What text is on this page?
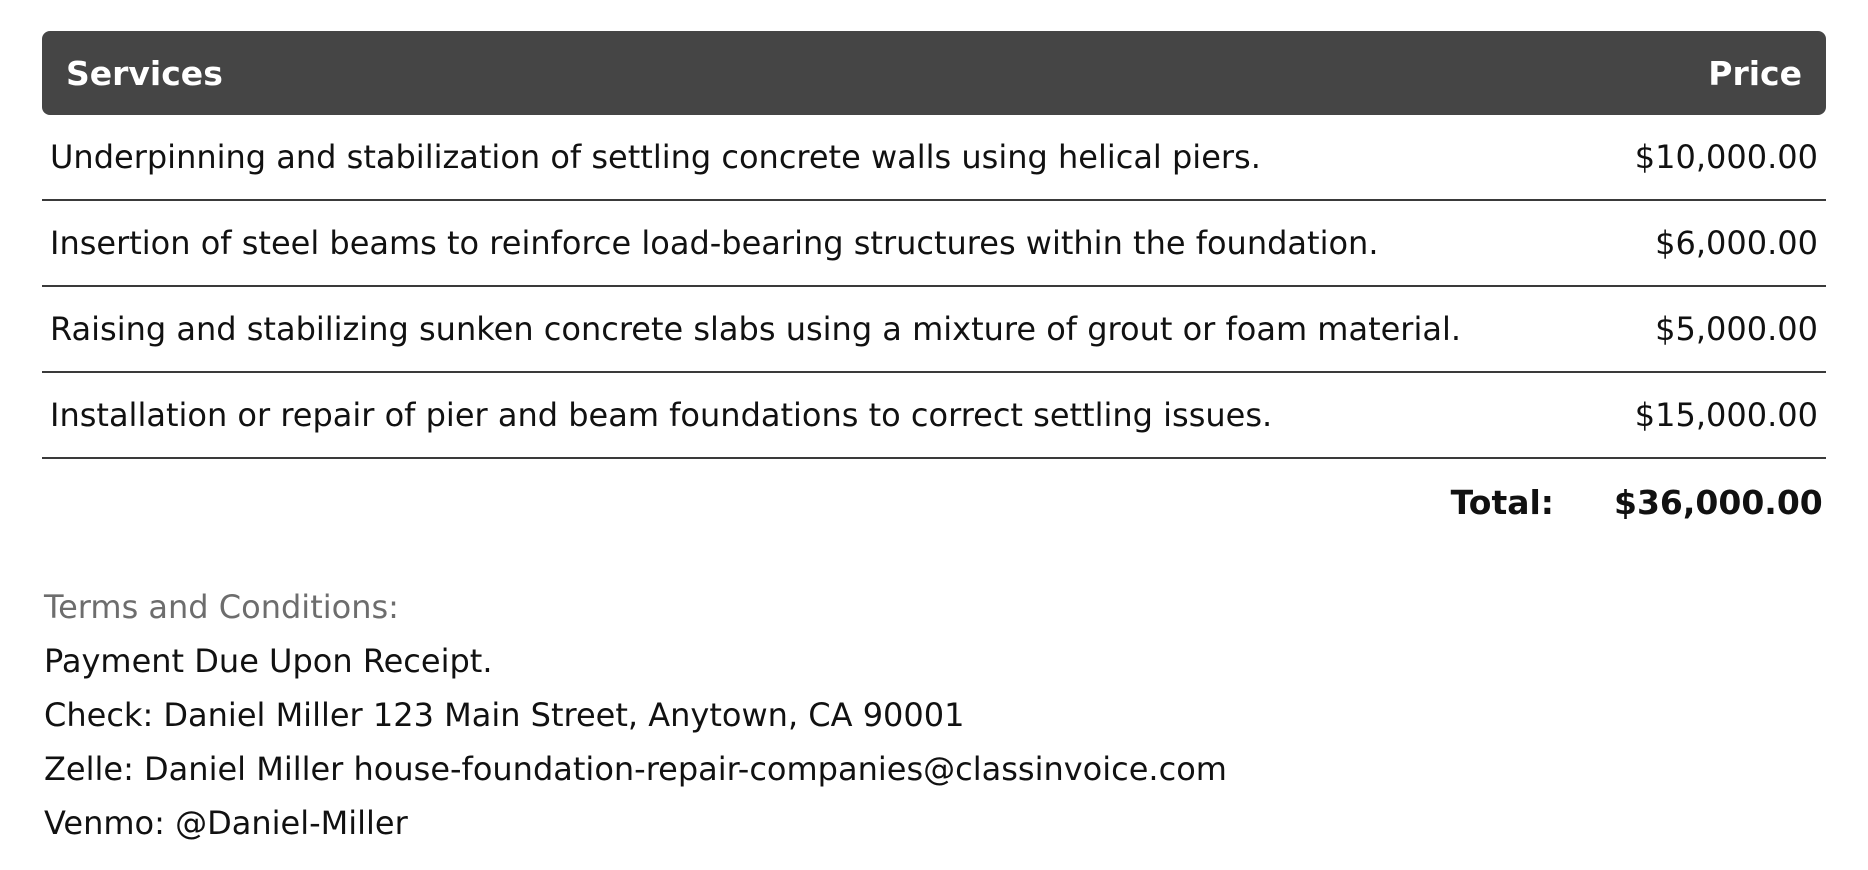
Services	Price
Underpinning and stabilization of settling concrete walls using helical piers.	$10,000.00
Insertion of steel beams to reinforce load-bearing structures within the foundation.	$6,000.00
Raising and stabilizing sunken concrete slabs using a mixture of grout or foam material.	$5,000.00
Installation or repair of pier and beam foundations to correct settling issues.	$15,000.00
Total:	$36,000.00
Terms and Conditions:
Payment Due Upon Receipt.
Check: Daniel Miller 123 Main Street, Anytown, CA 90001
Zelle: Daniel Miller house-foundation-repair-companies@classinvoice.com
Venmo: @Daniel-Miller
